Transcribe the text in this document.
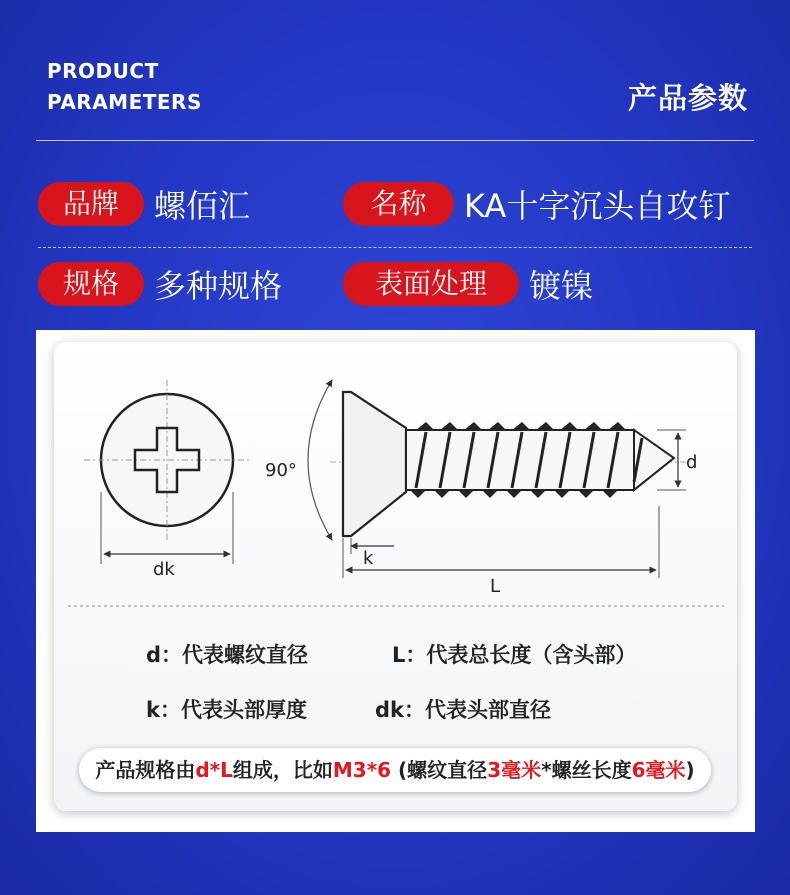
PRODUCT
PARAMETERS	产品参数
品牌	螺佰汇	名称	KA十字沉头自攻钉
规格	多种规格	表面处理	镀镍
dk
90°	d
k
L
d：代表螺纹直径	L：代表总长度（含头部）
k：代表头部厚度	dk：代表头部直径
产品规格由d*L组成，比如M3*6 (螺纹直径3毫米*螺丝长度6毫米)
